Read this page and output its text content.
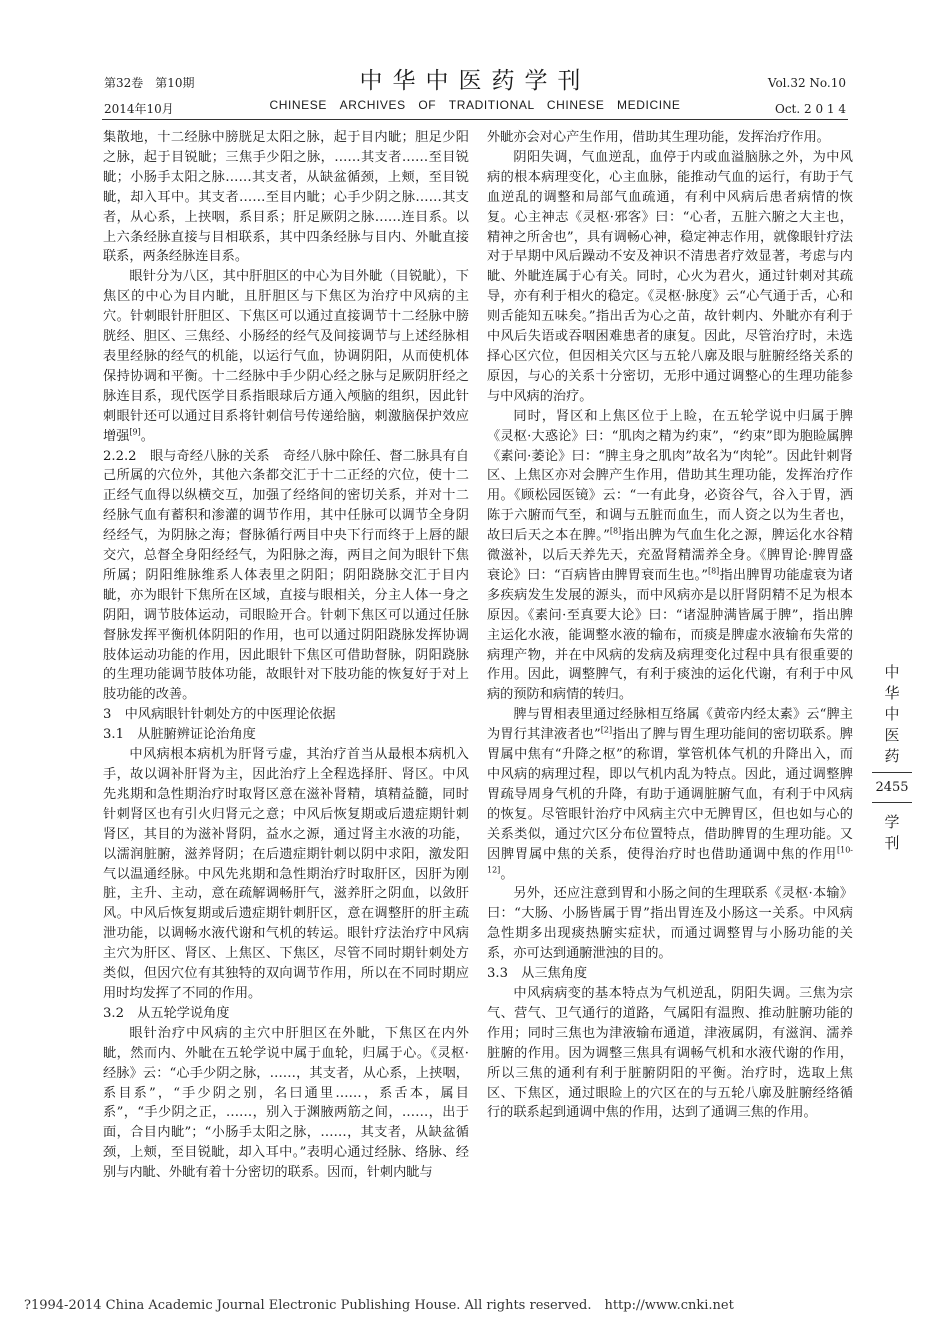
第32卷　第10期
2014年10月
中华中医药学刊
CHINESE　ARCHIVES　OF　TRADITIONAL　CHINESE　MEDICINE
Vol.32 No.10
Oct. 2 0 1 4

集散地，十二经脉中膀胱足太阳之脉，起于目内眦；胆足少阳之脉，起于目锐眦；三焦手少阳之脉，……其支者……至目锐眦；小肠手太阳之脉……其支者，从缺盆循颈，上颊，至目锐眦，却入耳中。其支者……至目内眦；心手少阴之脉……其支者，从心系，上挟咽，系目系；肝足厥阴之脉……连目系。以上六条经脉直接与目相联系，其中四条经脉与目内、外眦直接联系，两条经脉连目系。

眼针分为八区，其中肝胆区的中心为目外眦（目锐眦），下焦区的中心为目内眦，且肝胆区与下焦区为治疗中风病的主穴。针刺眼针肝胆区、下焦区可以通过直接调节十二经脉中膀胱经、胆区、三焦经、小肠经的经气及间接调节与上述经脉相表里经脉的经气的机能，以运行气血，协调阴阳，从而使机体保持协调和平衡。十二经脉中手少阴心经之脉与足厥阴肝经之脉连目系，现代医学目系指眼球后方通入颅脑的组织，因此针刺眼针还可以通过目系将针刺信号传递给脑，刺激脑保护效应增强[9]。

2.2.2　眼与奇经八脉的关系　奇经八脉中除任、督二脉具有自己所属的穴位外，其他六条都交汇于十二正经的穴位，使十二正经气血得以纵横交互，加强了经络间的密切关系，并对十二经脉气血有蓄积和渗灌的调节作用，其中任脉可以调节全身阴经经气，为阴脉之海；督脉循行两目中央下行而终于上唇的龈交穴，总督全身阳经经气，为阳脉之海，两目之间为眼针下焦所属；阴阳维脉维系人体表里之阴阳；阴阳跷脉交汇于目内眦，亦为眼针下焦所在区域，直接与眼相关，分主人体一身之阴阳，调节肢体运动，司眼睑开合。针刺下焦区可以通过任脉督脉发挥平衡机体阴阳的作用，也可以通过阴阳跷脉发挥协调肢体运动功能的作用，因此眼针下焦区可借助督脉，阴阳跷脉的生理功能调节肢体功能，故眼针对下肢功能的恢复好于对上肢功能的改善。

3　中风病眼针针刺处方的中医理论依据
3.1　从脏腑辨证论治角度

中风病根本病机为肝肾亏虚，其治疗首当从最根本病机入手，故以调补肝肾为主，因此治疗上全程选择肝、肾区。中风先兆期和急性期治疗时取肾区意在滋补肾精，填精益髓，同时针刺肾区也有引火归肾元之意；中风后恢复期或后遗症期针刺肾区，其目的为滋补肾阴，益水之源，通过肾主水液的功能，以濡润脏腑，滋养肾阴；在后遗症期针刺以阴中求阳，激发阳气以温通经脉。中风先兆期和急性期治疗时取肝区，因肝为刚脏，主升、主动，意在疏解调畅肝气，滋养肝之阴血，以敛肝风。中风后恢复期或后遗症期针刺肝区，意在调整肝的肝主疏泄功能，以调畅水液代谢和气机的转运。眼针疗法治疗中风病主穴为肝区、肾区、上焦区、下焦区，尽管不同时期针刺处方类似，但因穴位有其独特的双向调节作用，所以在不同时期应用时均发挥了不同的作用。

3.2　从五轮学说角度

眼针治疗中风病的主穴中肝胆区在外眦，下焦区在内外眦，然而内、外眦在五轮学说中属于血轮，归属于心。《灵枢·经脉》云：“心手少阴之脉，……，其支者，从心系，上挟咽，系目系”，“手少阴之别，名曰通里……，系舌本，属目系”，“手少阴之正，……，别入于渊腋两筋之间，……，出于面，合目内眦”；“小肠手太阳之脉，……，其支者，从缺盆循颈，上颊，至目锐眦，却入耳中。”表明心通过经脉、络脉、经别与内眦、外眦有着十分密切的联系。因而，针刺内眦与

外眦亦会对心产生作用，借助其生理功能，发挥治疗作用。

阴阳失调，气血逆乱，血停于内或血溢脑脉之外，为中风病的根本病理变化，心主血脉，能推动气血的运行，有助于气血逆乱的调整和局部气血疏通，有利中风病后患者病情的恢复。心主神志《灵枢·邪客》曰：“心者，五脏六腑之大主也，精神之所舍也”，具有调畅心神，稳定神志作用，就像眼针疗法对于早期中风后躁动不安及神识不清患者疗效显著，考虑与内眦、外眦连属于心有关。同时，心火为君火，通过针刺对其疏导，亦有利于相火的稳定。《灵枢·脉度》云“心气通于舌，心和则舌能知五味矣。”指出舌为心之苗，故针刺内、外眦亦有利于中风后失语或吞咽困难患者的康复。因此，尽管治疗时，未选择心区穴位，但因相关穴区与五轮八廓及眼与脏腑经络关系的原因，与心的关系十分密切，无形中通过调整心的生理功能参与中风病的治疗。

同时，肾区和上焦区位于上睑，在五轮学说中归属于脾《灵枢·大惑论》曰：“肌肉之精为约束”，“约束”即为胞睑属脾《素问·萎论》曰：“脾主身之肌肉”故名为“肉轮”。因此针刺肾区、上焦区亦对会脾产生作用，借助其生理功能，发挥治疗作用。《顾松园医镜》云：“一有此身，必资谷气，谷入于胃，洒陈于六腑而气至，和调与五脏而血生，而人资之以为生者也，故曰后天之本在脾。”[8]指出脾为气血生化之源，脾运化水谷精微滋补，以后天养先天，充盈肾精濡养全身。《脾胃论·脾胃盛衰论》曰：“百病皆由脾胃衰而生也。”[8]指出脾胃功能虚衰为诸多疾病发生发展的源头，而中风病亦是以肝肾阴精不足为根本原因。《素问·至真要大论》曰：“诸湿肿满皆属于脾”，指出脾主运化水液，能调整水液的输布，而痰是脾虚水液输布失常的病理产物，并在中风病的发病及病理变化过程中具有很重要的作用。因此，调整脾气，有利于痰浊的运化代谢，有利于中风病的预防和病情的转归。

脾与胃相表里通过经脉相互络属《黄帝内经太素》云“脾主为胃行其津液者也”[2]指出了脾与胃生理功能间的密切联系。脾胃属中焦有“升降之枢”的称谓，掌管机体气机的升降出入，而中风病的病理过程，即以气机内乱为特点。因此，通过调整脾胃疏导周身气机的升降，有助于通调脏腑气血，有利于中风病的恢复。尽管眼针治疗中风病主穴中无脾胃区，但也如与心的关系类似，通过穴区分布位置特点，借助脾胃的生理功能。又因脾胃属中焦的关系，使得治疗时也借助通调中焦的作用[10-12]。

另外，还应注意到胃和小肠之间的生理联系《灵枢·本输》曰：“大肠、小肠皆属于胃”指出胃连及小肠这一关系。中风病急性期多出现痰热腑实症状，而通过调整胃与小肠功能的关系，亦可达到通腑泄浊的目的。

3.3　从三焦角度

中风病病变的基本特点为气机逆乱，阴阳失调。三焦为宗气、营气、卫气通行的道路，气属阳有温煦、推动脏腑功能的作用；同时三焦也为津液输布通道，津液属阴，有滋润、濡养脏腑的作用。因为调整三焦具有调畅气机和水液代谢的作用，所以三焦的通利有利于脏腑阴阳的平衡。治疗时，选取上焦区、下焦区，通过眼睑上的穴区在的与五轮八廓及脏腑经络循行的联系起到通调中焦的作用，达到了通调三焦的作用。

中
华
中
医
药
2455
学
刊
?1994-2014 China Academic Journal Electronic Publishing House. All rights reserved.　http://www.cnki.net
